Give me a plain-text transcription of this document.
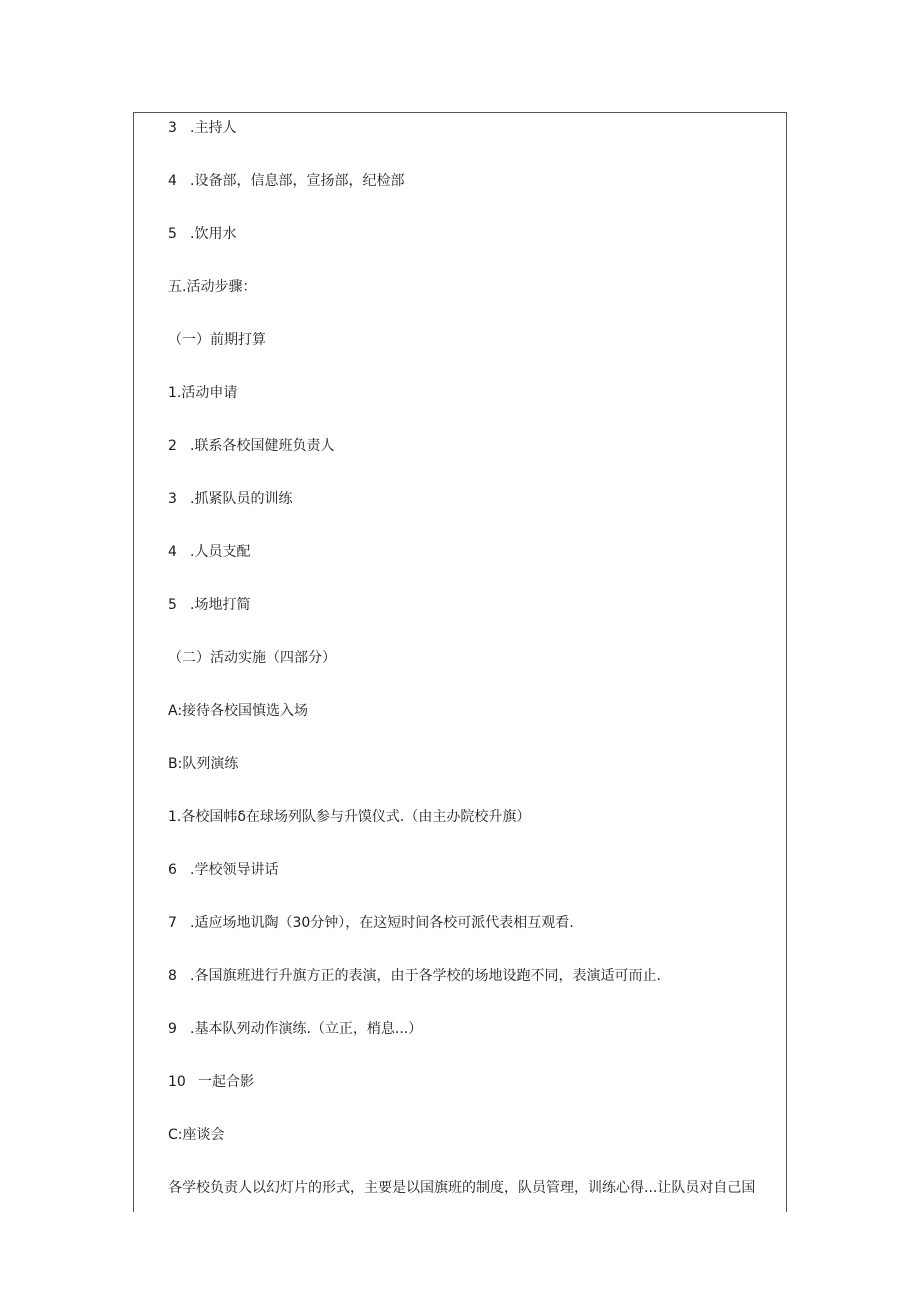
3 .主持人
4 .设备部，信息部，宣扬部，纪检部
5 .饮用水
五.活动步骤：
（一）前期打算
1.活动申请
2 .联系各校国健班负责人
3 .抓紧队员的训练
4 .人员支配
5 .场地打简
（二）活动实施（四部分）
A:接待各校国慎选入场
B:队列演练
1.各校国帏δ在球场列队参与升馍仪式.（由主办院校升旗）
6 .学校领导讲话
7 .适应场地讥陶（30分钟），在这短时间各校可派代表相互观看.
8 .各国旗班进行升旗方正的表演，由于各学校的场地设跑不同，表演适可而止.
9 .基本队列动作演练.（立正，梢息...）
10 一起合影
C:座谈会
各学校负责人以幻灯片的形式，主要是以国旗班的制度，队员管理，训练心得...让队员对自己国
